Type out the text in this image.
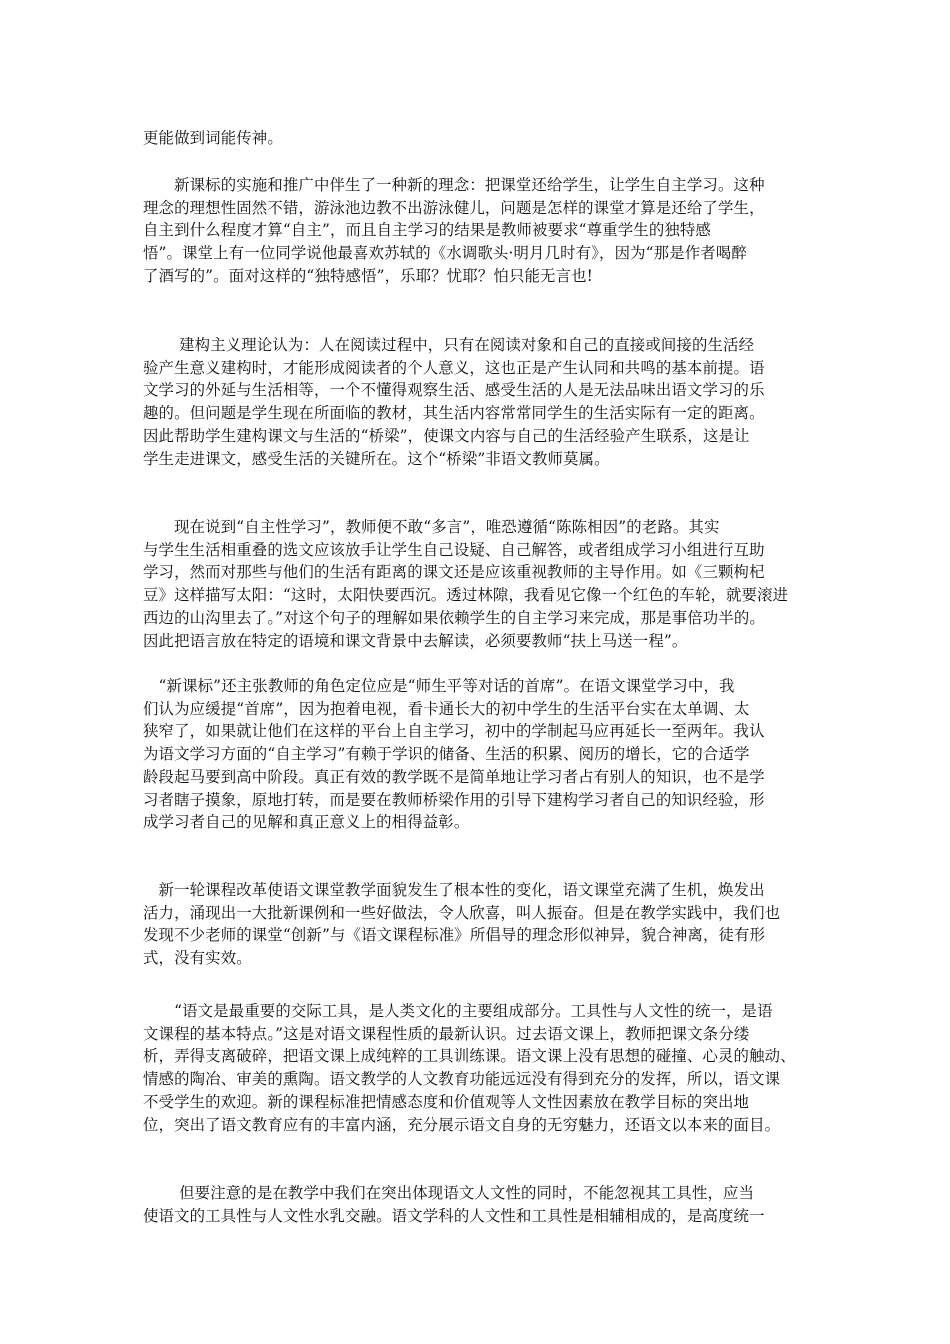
更能做到词能传神。
　　新课标的实施和推广中伴生了一种新的理念：把课堂还给学生，让学生自主学习。这种
理念的理想性固然不错，游泳池边教不出游泳健儿，问题是怎样的课堂才算是还给了学生，
自主到什么程度才算“自主”，而且自主学习的结果是教师被要求“尊重学生的独特感
悟”。课堂上有一位同学说他最喜欢苏轼的《水调歌头·明月几时有》，因为“那是作者喝醉
了酒写的”。面对这样的“独特感悟”，乐耶？忧耶？怕只能无言也!
　　 建构主义理论认为：人在阅读过程中，只有在阅读对象和自己的直接或间接的生活经
验产生意义建构时，才能形成阅读者的个人意义，这也正是产生认同和共鸣的基本前提。语
文学习的外延与生活相等，一个不懂得观察生活、感受生活的人是无法品味出语文学习的乐
趣的。但问题是学生现在所面临的教材，其生活内容常常同学生的生活实际有一定的距离。
因此帮助学生建构课文与生活的“桥梁”，使课文内容与自己的生活经验产生联系，这是让
学生走进课文，感受生活的关键所在。这个“桥梁”非语文教师莫属。
　　现在说到“自主性学习”，教师便不敢“多言”，唯恐遵循“陈陈相因”的老路。其实
与学生生活相重叠的选文应该放手让学生自己设疑、自己解答，或者组成学习小组进行互助
学习，然而对那些与他们的生活有距离的课文还是应该重视教师的主导作用。如《三颗枸杞
豆》这样描写太阳：“这时，太阳快要西沉。透过林隙，我看见它像一个红色的车轮，就要滚进
西边的山沟里去了。”对这个句子的理解如果依赖学生的自主学习来完成，那是事倍功半的。
因此把语言放在特定的语境和课文背景中去解读，必须要教师“扶上马送一程”。
　“新课标”还主张教师的角色定位应是“师生平等对话的首席”。在语文课堂学习中，我
们认为应缓提“首席”，因为抱着电视，看卡通长大的初中学生的生活平台实在太单调、太
狭窄了，如果就让他们在这样的平台上自主学习，初中的学制起马应再延长一至两年。我认
为语文学习方面的“自主学习”有赖于学识的储备、生活的积累、阅历的增长，它的合适学
龄段起马要到高中阶段。真正有效的教学既不是简单地让学习者占有别人的知识，也不是学
习者瞎子摸象，原地打转，而是要在教师桥梁作用的引导下建构学习者自己的知识经验，形
成学习者自己的见解和真正意义上的相得益彰。
　新一轮课程改革使语文课堂教学面貌发生了根本性的变化，语文课堂充满了生机，焕发出
活力，涌现出一大批新课例和一些好做法，令人欣喜，叫人振奋。但是在教学实践中，我们也
发现不少老师的课堂“创新”与《语文课程标准》所倡导的理念形似神异，貌合神离，徒有形
式，没有实效。
　　“语文是最重要的交际工具，是人类文化的主要组成部分。工具性与人文性的统一，是语
文课程的基本特点。”这是对语文课程性质的最新认识。过去语文课上，教师把课文条分缕
析，弄得支离破碎，把语文课上成纯粹的工具训练课。语文课上没有思想的碰撞、心灵的触动、
情感的陶冶、审美的熏陶。语文教学的人文教育功能远远没有得到充分的发挥，所以，语文课
不受学生的欢迎。新的课程标准把情感态度和价值观等人文性因素放在教学目标的突出地
位，突出了语文教育应有的丰富内涵，充分展示语文自身的无穷魅力，还语文以本来的面目。
　　 但要注意的是在教学中我们在突出体现语文人文性的同时，不能忽视其工具性，应当
使语文的工具性与人文性水乳交融。语文学科的人文性和工具性是相辅相成的，是高度统一
